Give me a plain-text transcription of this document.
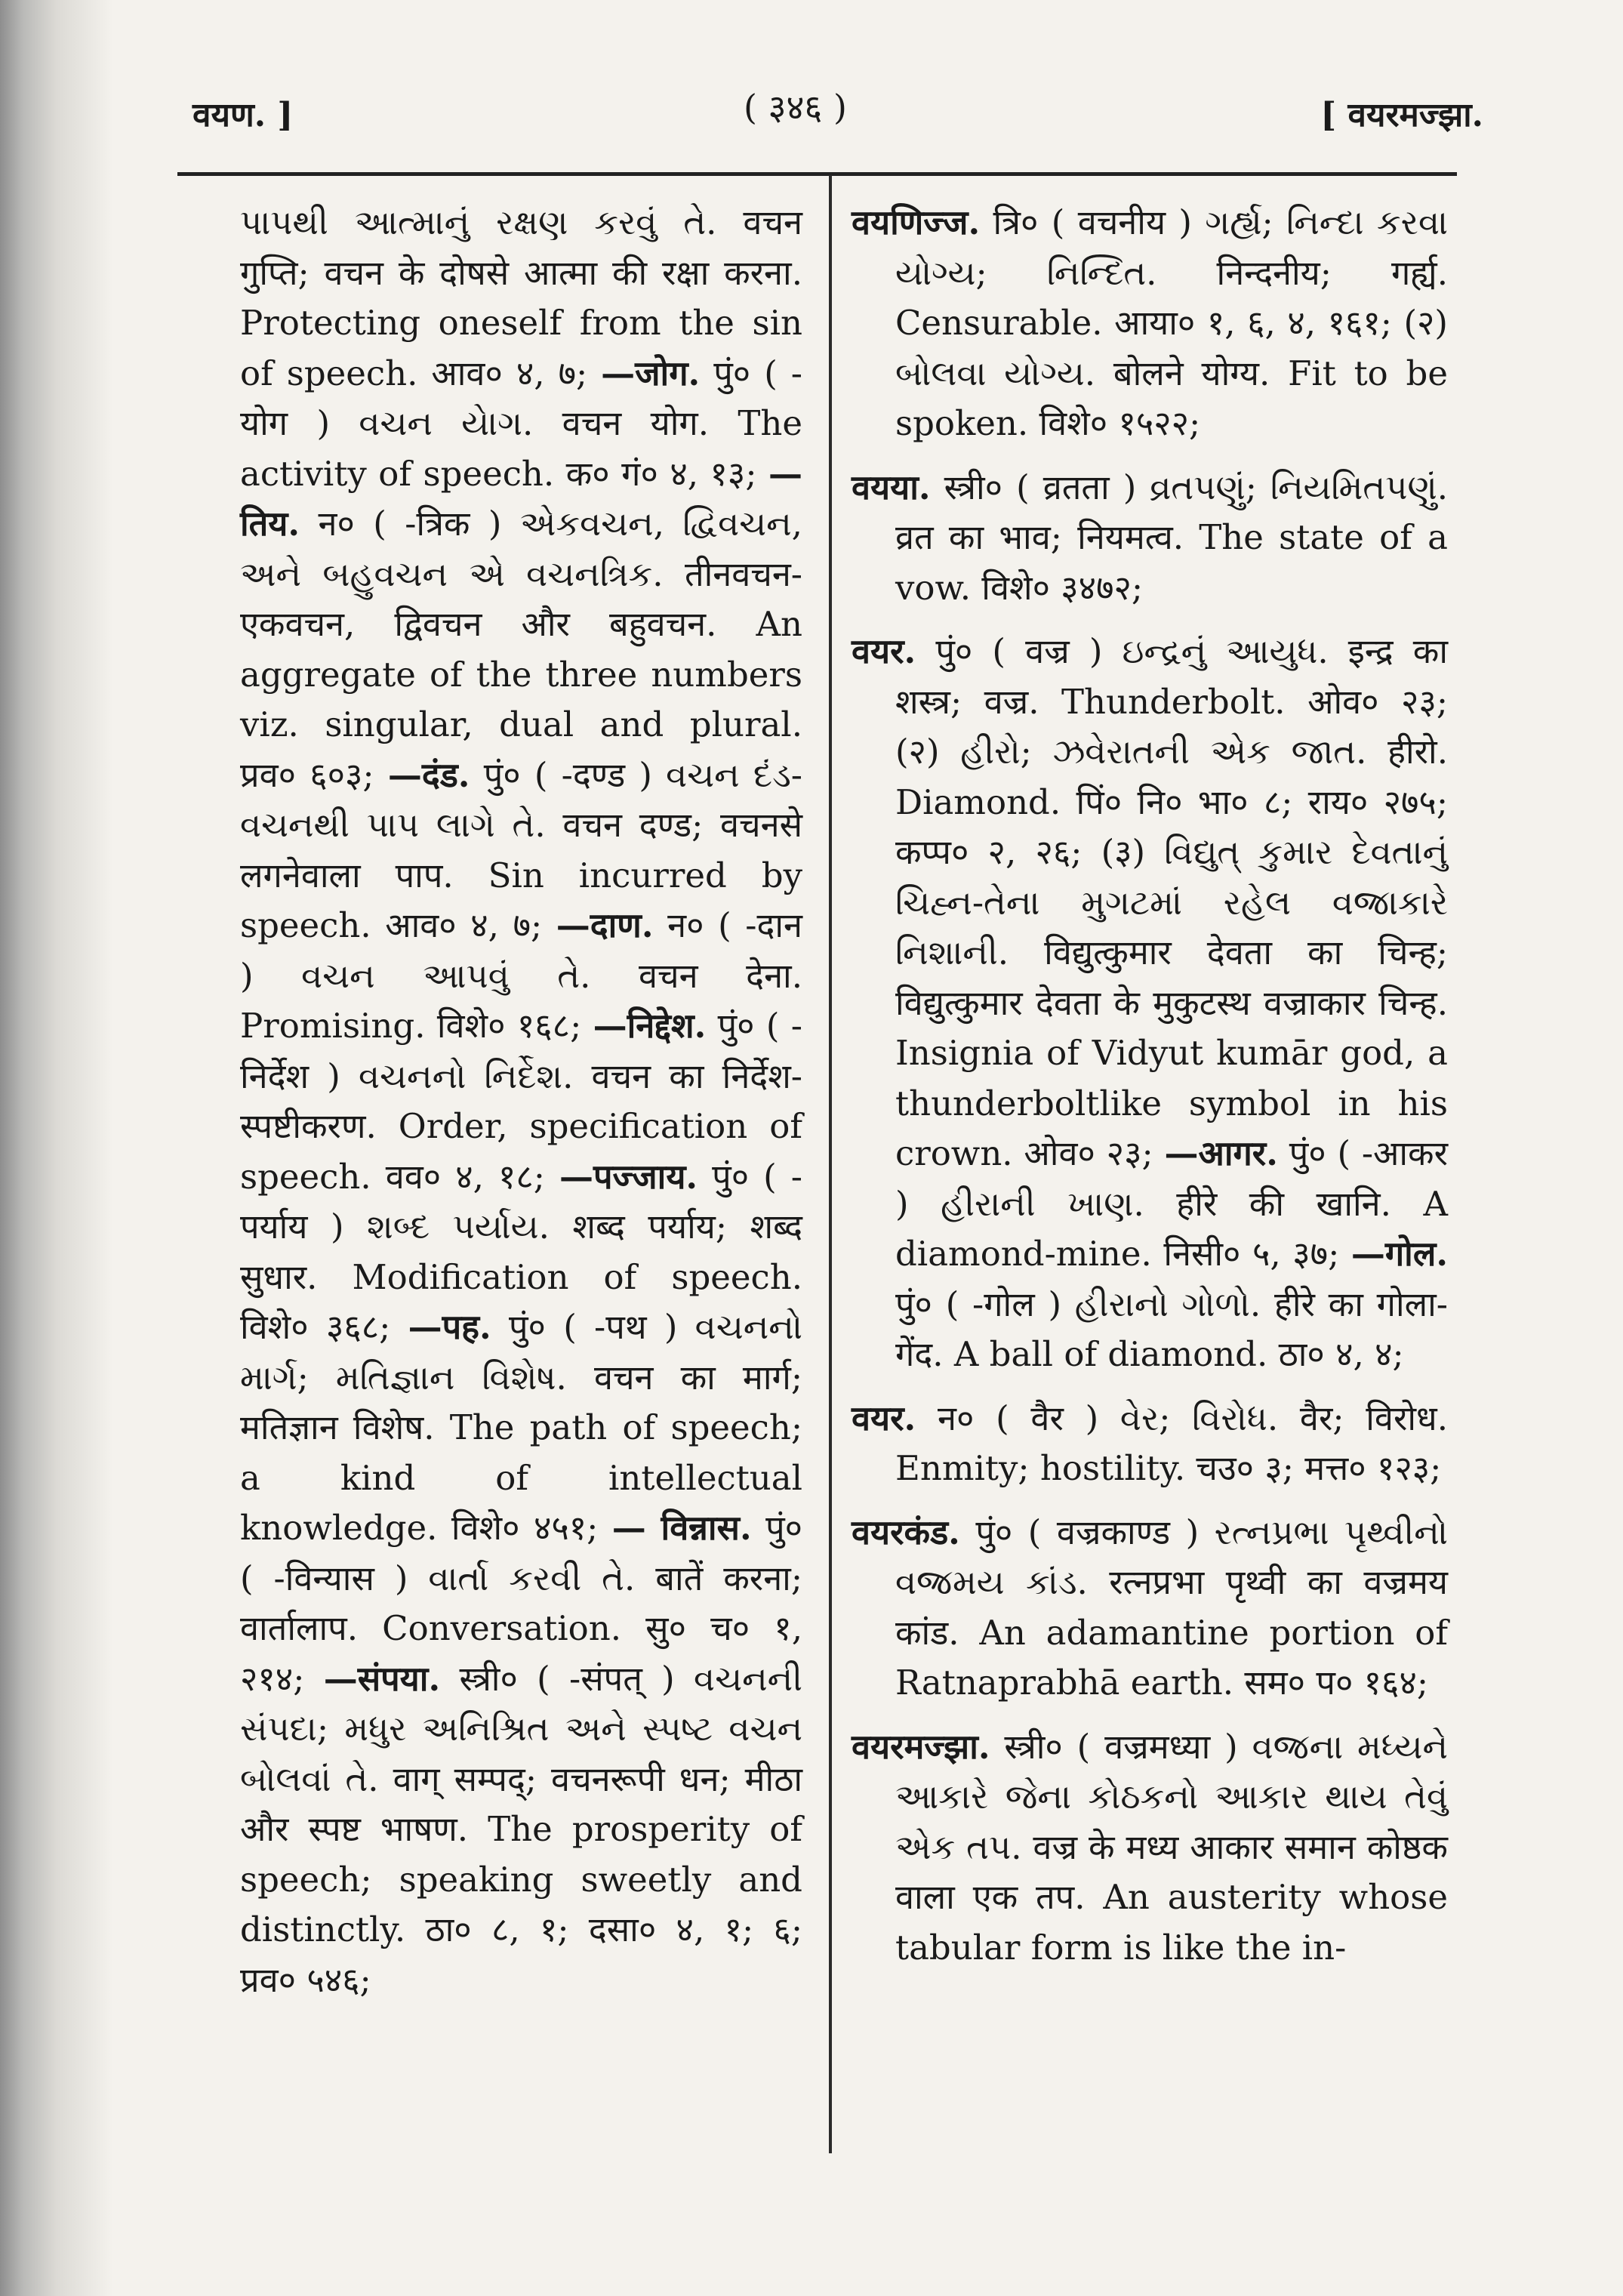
वयण. ]	( ३४६ )	[ वयरमज्झा.

પાપથી આત્માનું રક્ષણ કરવું તે. वचन गुप्ति; वचन के दोषसे आत्मा की रक्षा करना. Protecting oneself from the sin of speech. आव० ४, ७; —जोग. पुं० ( -योग ) વચન યેાગ. वचन योग. The activity of speech. क० गं० ४, १३; —तिय. न० ( -त्रिक ) એકવચન, દ્વિવચન, અને બહુવચન એ વચનત્રિક. तीनवचन-एकवचन, द्विवचन और बहुवचन. An aggregate of the three numbers viz. singular, dual and plural. प्रव० ६०३; —दंड. पुं० ( -दण्ड ) વચન દંડ-વચનથી પાપ લાગે તે. वचन दण्ड; वचनसे लगनेवाला पाप. Sin incurred by speech. आव० ४, ७; —दाण. न० ( -दान ) વચન આપવું તે. वचन देना. Promising. विशे० १६८; —निद्देश. पुं० ( -निर्देश ) વચનનો નિર્દેશ. वचन का निर्देश-स्पष्टीकरण. Order, specification of speech. वव० ४, १८; —पज्जाय. पुं० ( -पर्याय ) શબ્દ પર્યાય. शब्द पर्याय; शब्द सुधार. Modification of speech. विशे० ३६८; —पह. पुं० ( -पथ ) વચનનો માર્ગ; મતિજ્ઞાન વિશેષ. वचन का मार्ग; मतिज्ञान विशेष. The path of speech; a kind of intellectual knowledge. विशे० ४५१; — विन्नास. पुं० ( -विन्यास ) વાર્તા કરવી તે. बातें करना; वार्तालाप. Conversation. सु० च० १, २१४; —संपया. स्त्री० ( -संपत् ) વચનની સંપદા; મધુર અનિશ્રિત અને સ્પષ્ટ વચન બોલવાં તે. वाग् सम्पद्; वचनरूपी धन; मीठा और स्पष्ट भाषण. The prosperity of speech; speaking sweetly and distinctly. ठा० ८, १; दसा० ४, १; ६; प्रव० ५४६;

वयणिज्ज. त्रि० ( वचनीय ) ગર્હ્ય; નિન્દા કરવા યોગ્ય; નિન્દિત. निन्दनीय; गर्ह्य. Censurable. आया० १, ६, ४, १६१; (२) બોલવા યોગ્ય. बोलने योग्य. Fit to be spoken. विशे० १५२२;

वयया. स्त्री० ( व्रतता ) વ્રતપણું; નિયમિતપણું. व्रत का भाव; नियमत्व. The state of a vow. विशे० ३४७२;

वयर. पुं० ( वज्र ) ઇન્દ્રનું આયુધ. इन्द्र का शस्त्र; वज्र. Thunderbolt. ओव० २३; (२) હીરો; ઝવેરાતની એક જાત. हीरो. Diamond. पिं० नि० भा० ८; राय० २७५; कप्प० २, २६; (३) વિદ્યુત્ કુમાર દેવતાનું ચિહ્ન-તેના મુગટમાં રહેલ વજ્રાકારે નિશાની. विद्युत्कुमार देवता का चिन्ह; विद्युत्कुमार देवता के मुकुटस्थ वज्राकार चिन्ह. Insignia of Vidyut kumār god, a thunderboltlike symbol in his crown. ओव० २३; —आगर. पुं० ( -आकर ) હીરાની ખાણ. हीरे की खानि. A diamond-mine. निसी० ५, ३७; —गोल. पुं० ( -गोल ) હીરાનો ગોળો. हीरे का गोला-गेंद. A ball of diamond. ठा० ४, ४;

वयर. न० ( वैर ) વેર; વિરોધ. वैर; विरोध. Enmity; hostility. चउ० ३; मत्त० १२३;

वयरकंड. पुं० ( वज्रकाण्ड ) રત્નપ્રભા પૃથ્વીનો વજ્રમય કાંડ. रत्नप्रभा पृथ्वी का वज्रमय कांड. An adamantine portion of Ratnaprabhā earth. सम० प० १६४;

वयरमज्झा. स्त्री० ( वज्रमध्या ) વજ્રના મધ્યને આકારે જેના કોઠકનો આકાર થાય તેવું એક તપ. वज्र के मध्य आकार समान कोष्ठक वाला एक तप. An austerity whose tabular form is like the in-
